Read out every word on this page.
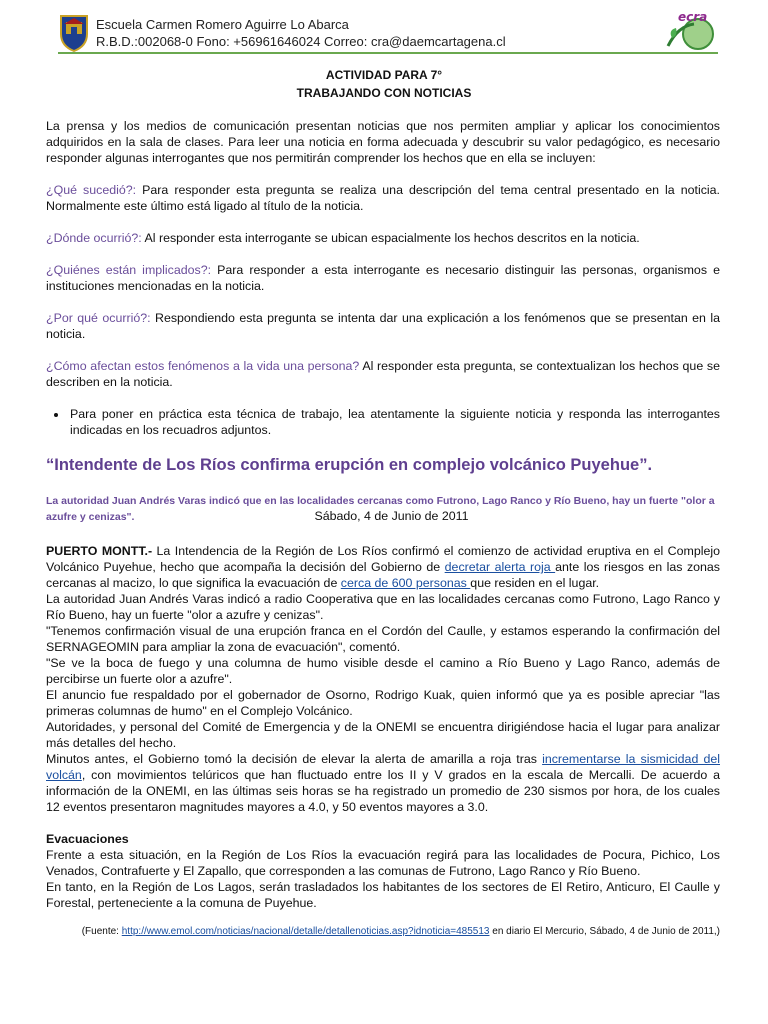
Escuela Carmen Romero Aguirre Lo Abarca
R.B.D.:002068-0 Fono: +56961646024 Correo: cra@daemcartagena.cl
ecra
ACTIVIDAD PARA 7°
TRABAJANDO CON NOTICIAS

La prensa y los medios de comunicación presentan noticias que nos permiten ampliar y aplicar los conocimientos adquiridos en la sala de clases. Para leer una noticia en forma adecuada y descubrir su valor pedagógico, es necesario responder algunas interrogantes que nos permitirán comprender los hechos que en ella se incluyen:

¿Qué sucedió?: Para responder esta pregunta se realiza una descripción del tema central presentado en la noticia. Normalmente este último está ligado al título de la noticia.

¿Dónde ocurrió?: Al responder esta interrogante se ubican espacialmente los hechos descritos en la noticia.

¿Quiénes están implicados?: Para responder a esta interrogante es necesario distinguir las personas, organismos e instituciones mencionadas en la noticia.

¿Por qué ocurrió?: Respondiendo esta pregunta se intenta dar una explicación a los fenómenos que se presentan en la noticia.

¿Cómo afectan estos fenómenos a la vida una persona? Al responder esta pregunta, se contextualizan los hechos que se describen en la noticia.

• Para poner en práctica esta técnica de trabajo, lea atentamente la siguiente noticia y responda las interrogantes indicadas en los recuadros adjuntos.
“Intendente de Los Ríos confirma erupción en complejo volcánico Puyehue”.
La autoridad Juan Andrés Varas indicó que en las localidades cercanas como Futrono, Lago Ranco y Río Bueno, hay un fuerte "olor a azufre y cenizas".	Sábado, 4 de Junio de 2011

PUERTO MONTT.- La Intendencia de la Región de Los Ríos confirmó el comienzo de actividad eruptiva en el Complejo Volcánico Puyehue, hecho que acompaña la decisión del Gobierno de decretar alerta roja ante los riesgos en las zonas cercanas al macizo, lo que significa la evacuación de cerca de 600 personas que residen en el lugar.

La autoridad Juan Andrés Varas indicó a radio Cooperativa que en las localidades cercanas como Futrono, Lago Ranco y Río Bueno, hay un fuerte "olor a azufre y cenizas".

"Tenemos confirmación visual de una erupción franca en el Cordón del Caulle, y estamos esperando la confirmación del SERNAGEOMIN para ampliar la zona de evacuación", comentó.

"Se ve la boca de fuego y una columna de humo visible desde el camino a Río Bueno y Lago Ranco, además de percibirse un fuerte olor a azufre".

El anuncio fue respaldado por el gobernador de Osorno, Rodrigo Kuak, quien informó que ya es posible apreciar "las primeras columnas de humo" en el Complejo Volcánico.

Autoridades, y personal del Comité de Emergencia y de la ONEMI se encuentra dirigiéndose hacia el lugar para analizar más detalles del hecho.

Minutos antes, el Gobierno tomó la decisión de elevar la alerta de amarilla a roja tras incrementarse la sismicidad del volcán, con movimientos telúricos que han fluctuado entre los II y V grados en la escala de Mercalli. De acuerdo a información de la ONEMI, en las últimas seis horas se ha registrado un promedio de 230 sismos por hora, de los cuales 12 eventos presentaron magnitudes mayores a 4.0, y 50 eventos mayores a 3.0.

Evacuaciones

Frente a esta situación, en la Región de Los Ríos la evacuación regirá para las localidades de Pocura, Pichico, Los Venados, Contrafuerte y El Zapallo, que corresponden a las comunas de Futrono, Lago Ranco y Río Bueno.

En tanto, en la Región de Los Lagos, serán trasladados los habitantes de los sectores de El Retiro, Anticuro, El Caulle y Forestal, perteneciente a la comuna de Puyehue.

(Fuente: http://www.emol.com/noticias/nacional/detalle/detallenoticias.asp?idnoticia=485513 en diario El Mercurio, Sábado, 4 de Junio de 2011,)
